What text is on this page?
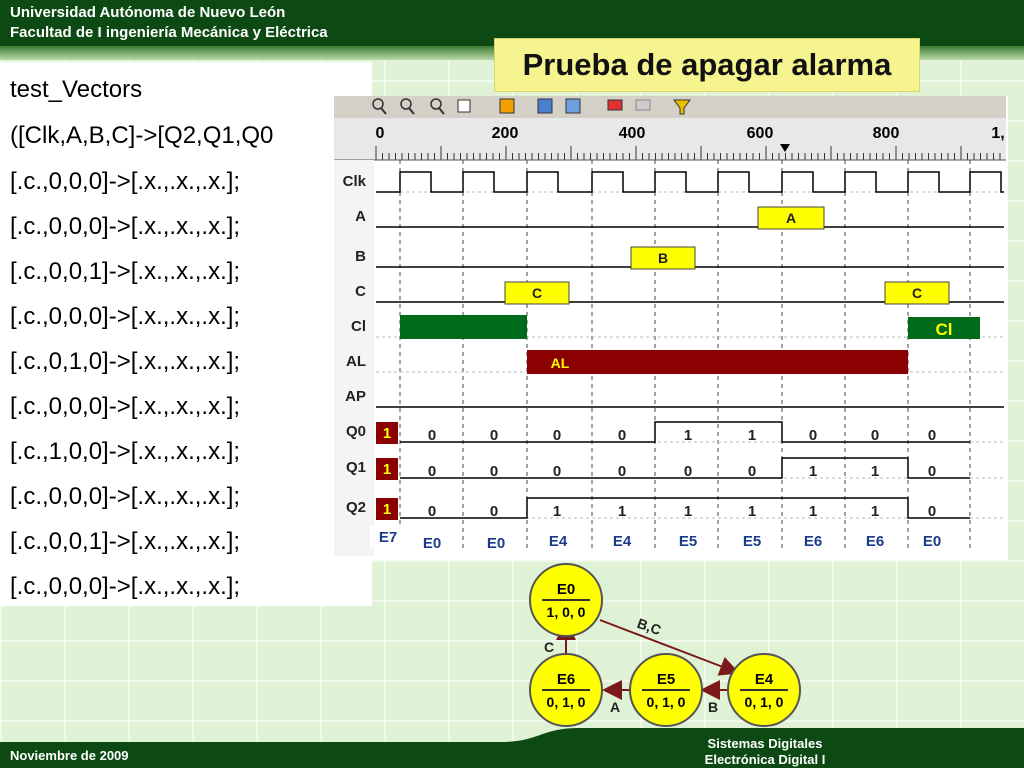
Universidad Autónoma de Nuevo León
Facultad de I ingeniería Mecánica y Eléctrica
Prueba de apagar alarma
test_Vectors
([Clk,A,B,C]->[Q2,Q1,Q0
[.c.,0,0,0]->[.x.,.x.,.x.];
[.c.,0,0,0]->[.x.,.x.,.x.];
[.c.,0,0,1]->[.x.,.x.,.x.];
[.c.,0,0,0]->[.x.,.x.,.x.];
[.c.,0,1,0]->[.x.,.x.,.x.];
[.c.,0,0,0]->[.x.,.x.,.x.];
[.c.,1,0,0]->[.x.,.x.,.x.];
[.c.,0,0,0]->[.x.,.x.,.x.];
[.c.,0,0,1]->[.x.,.x.,.x.];
[.c.,0,0,0]->[.x.,.x.,.x.];
0	200	400	600	800	1,
Clk
A
B
C
Cl
AL
AP
Q0
Q1
Q2
AL
Cl
A
B
C	C
1
1
1
0	0	0	0	1	1	0	0	0
0	0	0	0	0	0	1	1	0
0	0	1	1	1	1	1	1	0
E7 E0	E0	E4	E4	E5	E5	E6	E6	E0
B,C
C
A	B
E0
1, 0, 0
E6
0, 1, 0
E5
0, 1, 0
E4
0, 1, 0
Noviembre de 2009
Sistemas Digitales
Electrónica Digital I
